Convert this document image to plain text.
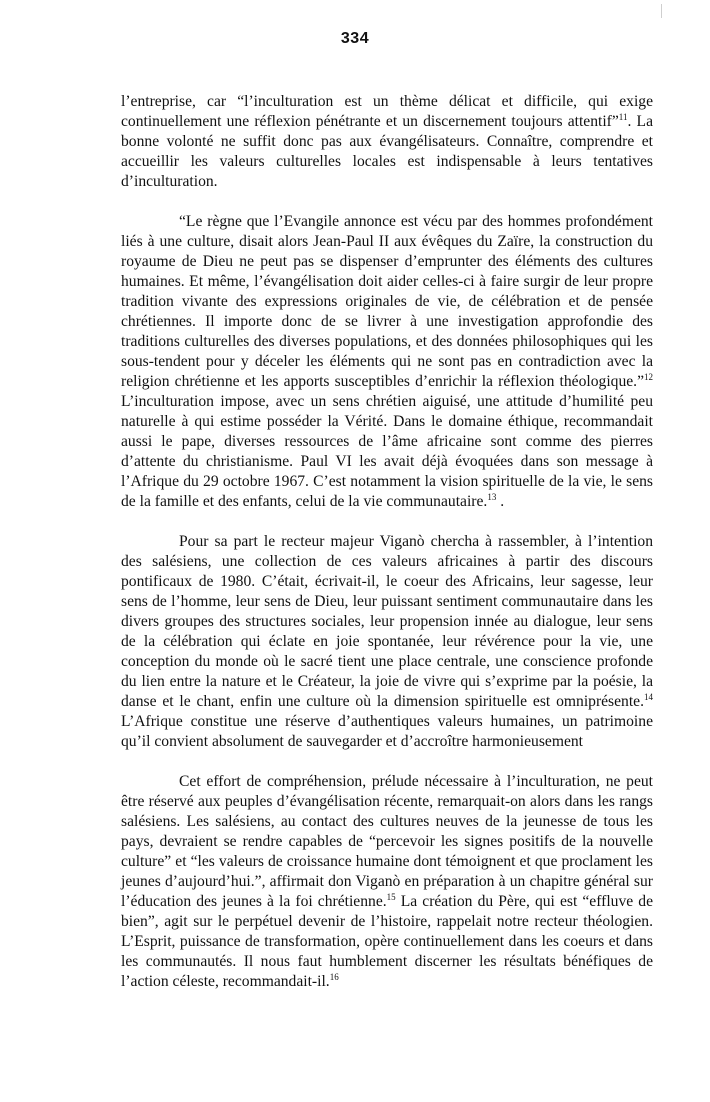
334

l’entreprise, car “l’inculturation est un thème délicat et difficile, qui exige continuellement une réflexion pénétrante et un discernement toujours attentif”$^{11}$. La bonne volonté ne suffit donc pas aux évangélisateurs. Connaître, comprendre et accueillir les valeurs culturelles locales est indispensable à leurs tentatives d’inculturation.

“Le règne que l’Evangile annonce est vécu par des hommes profondément liés à une culture, disait alors Jean-Paul II aux évêques du Zaïre, la construction du royaume de Dieu ne peut pas se dispenser d’emprunter des éléments des cultures humaines. Et même, l’évangélisation doit aider celles-ci à faire surgir de leur propre tradition vivante des expressions originales de vie, de célébration et de pensée chrétiennes. Il importe donc de se livrer à une investigation approfondie des traditions culturelles des diverses populations, et des données philosophiques qui les sous-tendent pour y déceler les éléments qui ne sont pas en contradiction avec la religion chrétienne et les apports susceptibles d’enrichir la réflexion théologique.”$^{12}$ L’inculturation impose, avec un sens chrétien aiguisé, une attitude d’humilité peu naturelle à qui estime posséder la Vérité. Dans le domaine éthique, recommandait aussi le pape, diverses ressources de l’âme africaine sont comme des pierres d’attente du christianisme. Paul VI les avait déjà évoquées dans son message à l’Afrique du 29 octobre 1967. C’est notamment la vision spirituelle de la vie, le sens de la famille et des enfants, celui de la vie communautaire.$^{13}$ .

Pour sa part le recteur majeur Viganò chercha à rassembler, à l’intention des salésiens, une collection de ces valeurs africaines à partir des discours pontificaux de 1980. C’était, écrivait-il, le coeur des Africains, leur sagesse, leur sens de l’homme, leur sens de Dieu, leur puissant sentiment communautaire dans les divers groupes des structures sociales, leur propension innée au dialogue, leur sens de la célébration qui éclate en joie spontanée, leur révérence pour la vie, une conception du monde où le sacré tient une place centrale, une conscience profonde du lien entre la nature et le Créateur, la joie de vivre qui s’exprime par la poésie, la danse et le chant, enfin une culture où la dimension spirituelle est omniprésente.$^{14}$ L’Afrique constitue une réserve d’authentiques valeurs humaines, un patrimoine qu’il convient absolument de sauvegarder et d’accroître harmonieusement

Cet effort de compréhension, prélude nécessaire à l’inculturation, ne peut être réservé aux peuples d’évangélisation récente, remarquait-on alors dans les rangs salésiens. Les salésiens, au contact des cultures neuves de la jeunesse de tous les pays, devraient se rendre capables de “percevoir les signes positifs de la nouvelle culture” et “les valeurs de croissance humaine dont témoignent et que proclament les jeunes d’aujourd’hui.”, affirmait don Viganò en préparation à un chapitre général sur l’éducation des jeunes à la foi chrétienne.$^{15}$ La création du Père, qui est “effluve de bien”, agit sur le perpétuel devenir de l’histoire, rappelait notre recteur théologien. L’Esprit, puissance de transformation, opère continuellement dans les coeurs et dans les communautés. Il nous faut humblement discerner les résultats bénéfiques de l’action céleste, recommandait-il.$^{16}$
